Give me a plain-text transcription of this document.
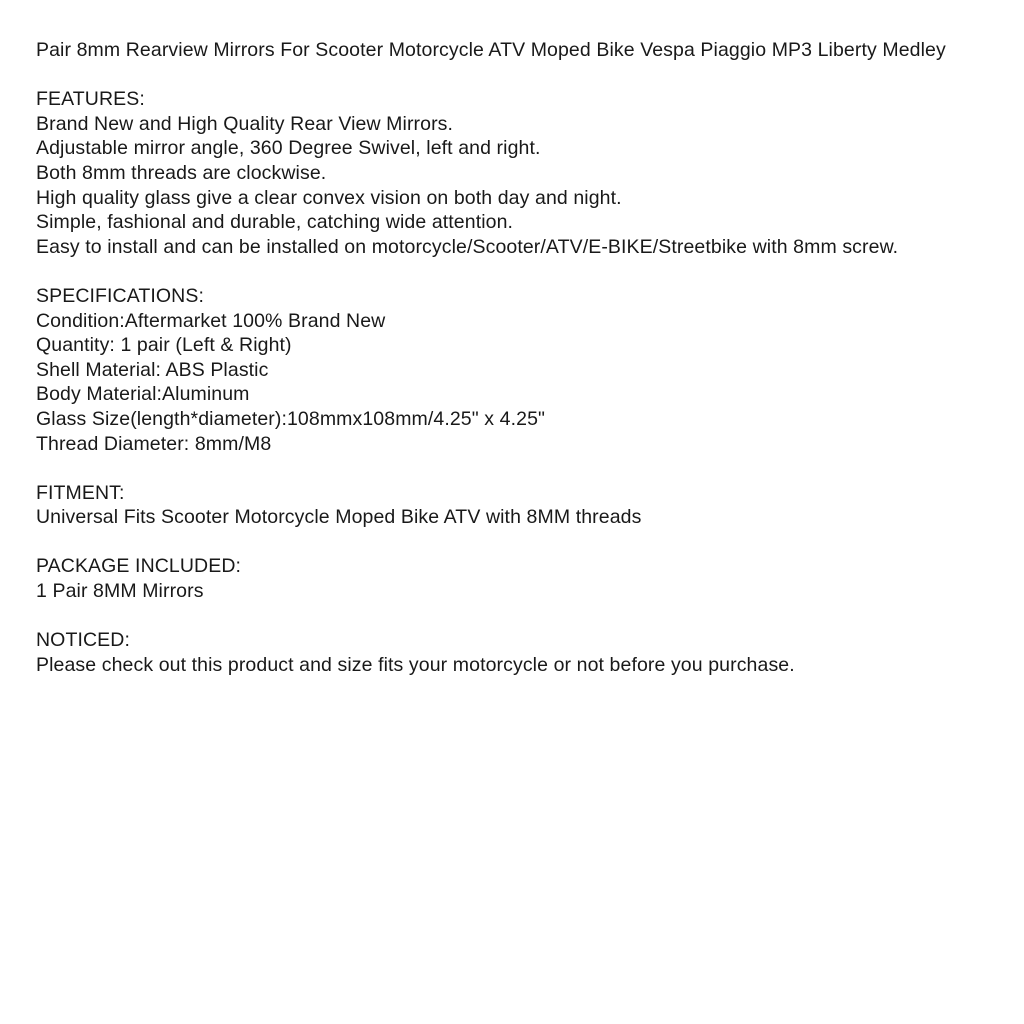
Pair 8mm Rearview Mirrors For Scooter Motorcycle ATV Moped Bike Vespa Piaggio MP3 Liberty Medley
FEATURES:
Brand New and High Quality Rear View Mirrors.
Adjustable mirror angle, 360 Degree Swivel, left and right.
Both 8mm threads are clockwise.
High quality glass give a clear convex vision on both day and night.
Simple, fashional and durable, catching wide attention.
Easy to install and can be installed on motorcycle/Scooter/ATV/E-BIKE/Streetbike with 8mm screw.
SPECIFICATIONS:
Condition:Aftermarket 100% Brand New
Quantity: 1 pair (Left & Right)
Shell Material: ABS Plastic
Body Material:Aluminum
Glass Size(length*diameter):108mmx108mm/4.25" x 4.25"
Thread Diameter: 8mm/M8
FITMENT:
Universal Fits Scooter Motorcycle Moped Bike ATV with 8MM threads
PACKAGE INCLUDED:
1 Pair 8MM Mirrors
NOTICED:
Please check out this product and size fits your motorcycle or not before you purchase.
